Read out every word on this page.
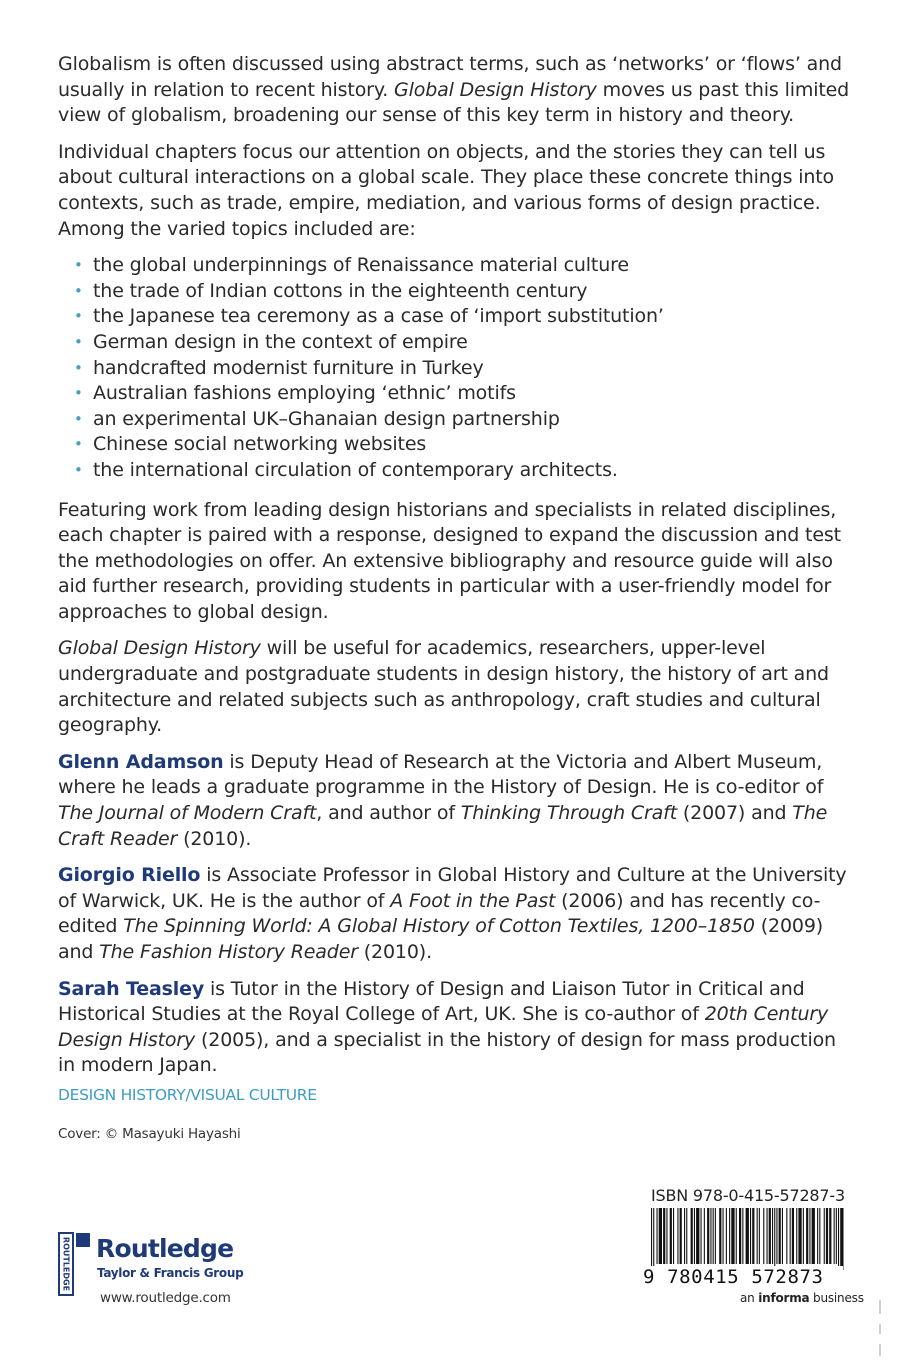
Globalism is often discussed using abstract terms, such as ‘networks’ or ‘flows’ and usually in relation to recent history. Global Design History moves us past this limited view of globalism, broadening our sense of this key term in history and theory.

Individual chapters focus our attention on objects, and the stories they can tell us about cultural interactions on a global scale. They place these concrete things into contexts, such as trade, empire, mediation, and various forms of design practice. Among the varied topics included are:

• the global underpinnings of Renaissance material culture
• the trade of Indian cottons in the eighteenth century
• the Japanese tea ceremony as a case of ‘import substitution’
• German design in the context of empire
• handcrafted modernist furniture in Turkey
• Australian fashions employing ‘ethnic’ motifs
• an experimental UK–Ghanaian design partnership
• Chinese social networking websites
• the international circulation of contemporary architects.

Featuring work from leading design historians and specialists in related disciplines, each chapter is paired with a response, designed to expand the discussion and test the methodologies on offer. An extensive bibliography and resource guide will also aid further research, providing students in particular with a user-friendly model for approaches to global design.

Global Design History will be useful for academics, researchers, upper-level undergraduate and postgraduate students in design history, the history of art and architecture and related subjects such as anthropology, craft studies and cultural geography.

Glenn Adamson is Deputy Head of Research at the Victoria and Albert Museum, where he leads a graduate programme in the History of Design. He is co-editor of The Journal of Modern Craft, and author of Thinking Through Craft (2007) and The Craft Reader (2010).

Giorgio Riello is Associate Professor in Global History and Culture at the University of Warwick, UK. He is the author of A Foot in the Past (2006) and has recently co-edited The Spinning World: A Global History of Cotton Textiles, 1200–1850 (2009) and The Fashion History Reader (2010).

Sarah Teasley is Tutor in the History of Design and Liaison Tutor in Critical and Historical Studies at the Royal College of Art, UK. She is co-author of 20th Century Design History (2005), and a specialist in the history of design for mass production in modern Japan.

DESIGN HISTORY/VISUAL CULTURE
Cover: © Masayuki Hayashi
ISBN 978-0-415-57287-3
9 780415 572873
an informa business
ROUTLEDGE Routledge
Taylor & Francis Group
www.routledge.com
